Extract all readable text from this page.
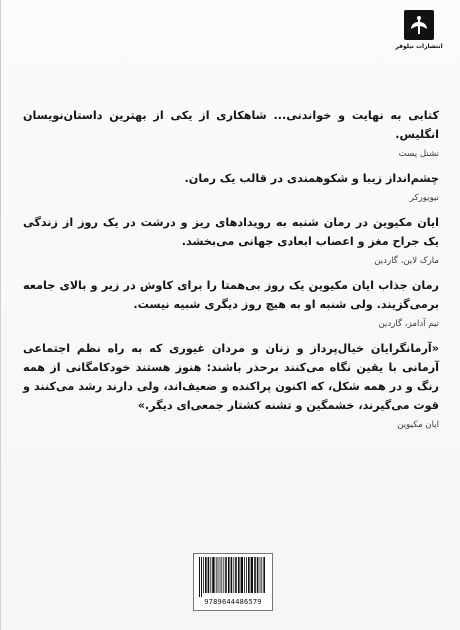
انتشارات نیلوفر

کتابی به نهایت و خواندنی... شاهکاری از یکی از بهترین داستان‌نویسان انگلیس.

نشنل پست

چشم‌انداز زیبا و شکوهمندی در قالب یک رمان.

نیویورکر

ایان مکیوین در رمان شنبه به رویدادهای ریز و درشت در یک روز از زندگی یک جراح مغز و اعصاب ابعادی جهانی می‌بخشد.

مارک لاین، گاردین

رمان جذاب ایان مکیوین یک روز بی‌همتا را برای کاوش در زیر و بالای جامعه برمی‌گزیند. ولی شنبه او به هیچ روز دیگری شبیه نیست.

تیم آدامز، گاردین

«آرمانگرایان خیال‌پرداز و زنان و مردان غیوری که به راه نظم اجتماعی آرمانی با یقین نگاه می‌کنند برحذر باشند: هنوز هستند خودکامگانی از همه رنگ و در همه شکل، که اکنون پراکنده و ضعیف‌اند، ولی دارند رشد می‌کنند و قوت می‌گیرند، خشمگین و تشنه کشتار جمعی‌ای دیگر.»

ایان مکیوین
9789644486579
